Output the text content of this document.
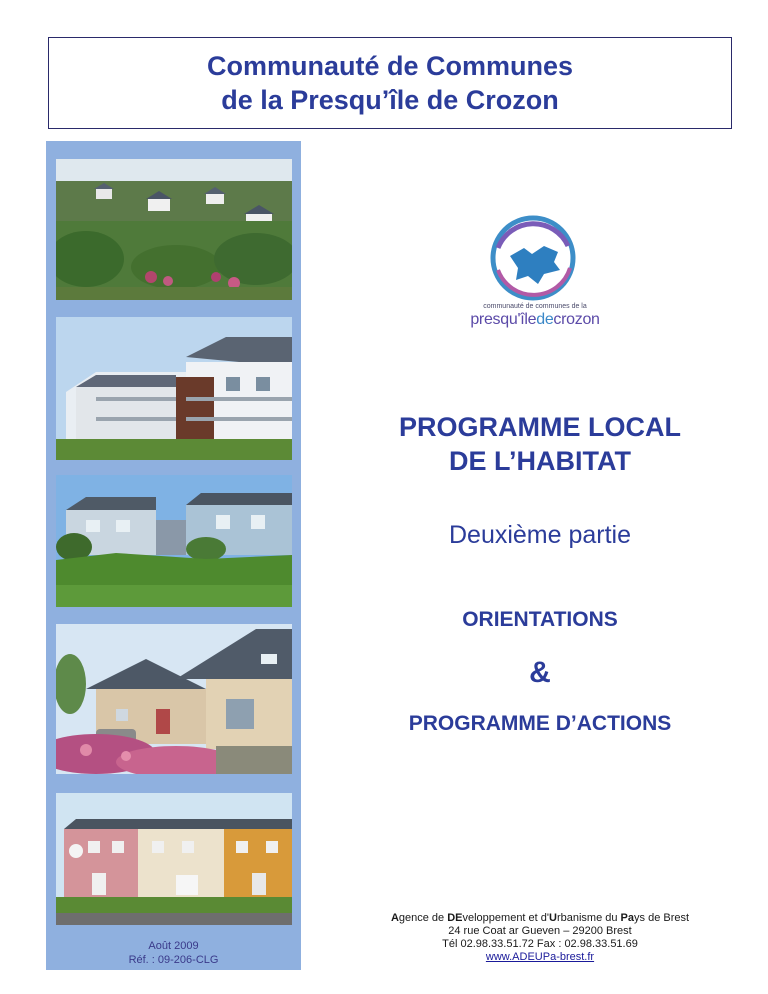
Communauté de Communes
de la Presqu’île de Crozon
Août 2009
Réf. : 09-206-CLG
communauté de communes de la
presqu'îledecrozon
PROGRAMME LOCAL
DE L’HABITAT
Deuxième partie
ORIENTATIONS
&
PROGRAMME D’ACTIONS
Agence de DEveloppement et d'Urbanisme du Pays de Brest
24 rue Coat ar Gueven – 29200 Brest
Tél 02.98.33.51.72 Fax : 02.98.33.51.69
www.ADEUPa-brest.fr
